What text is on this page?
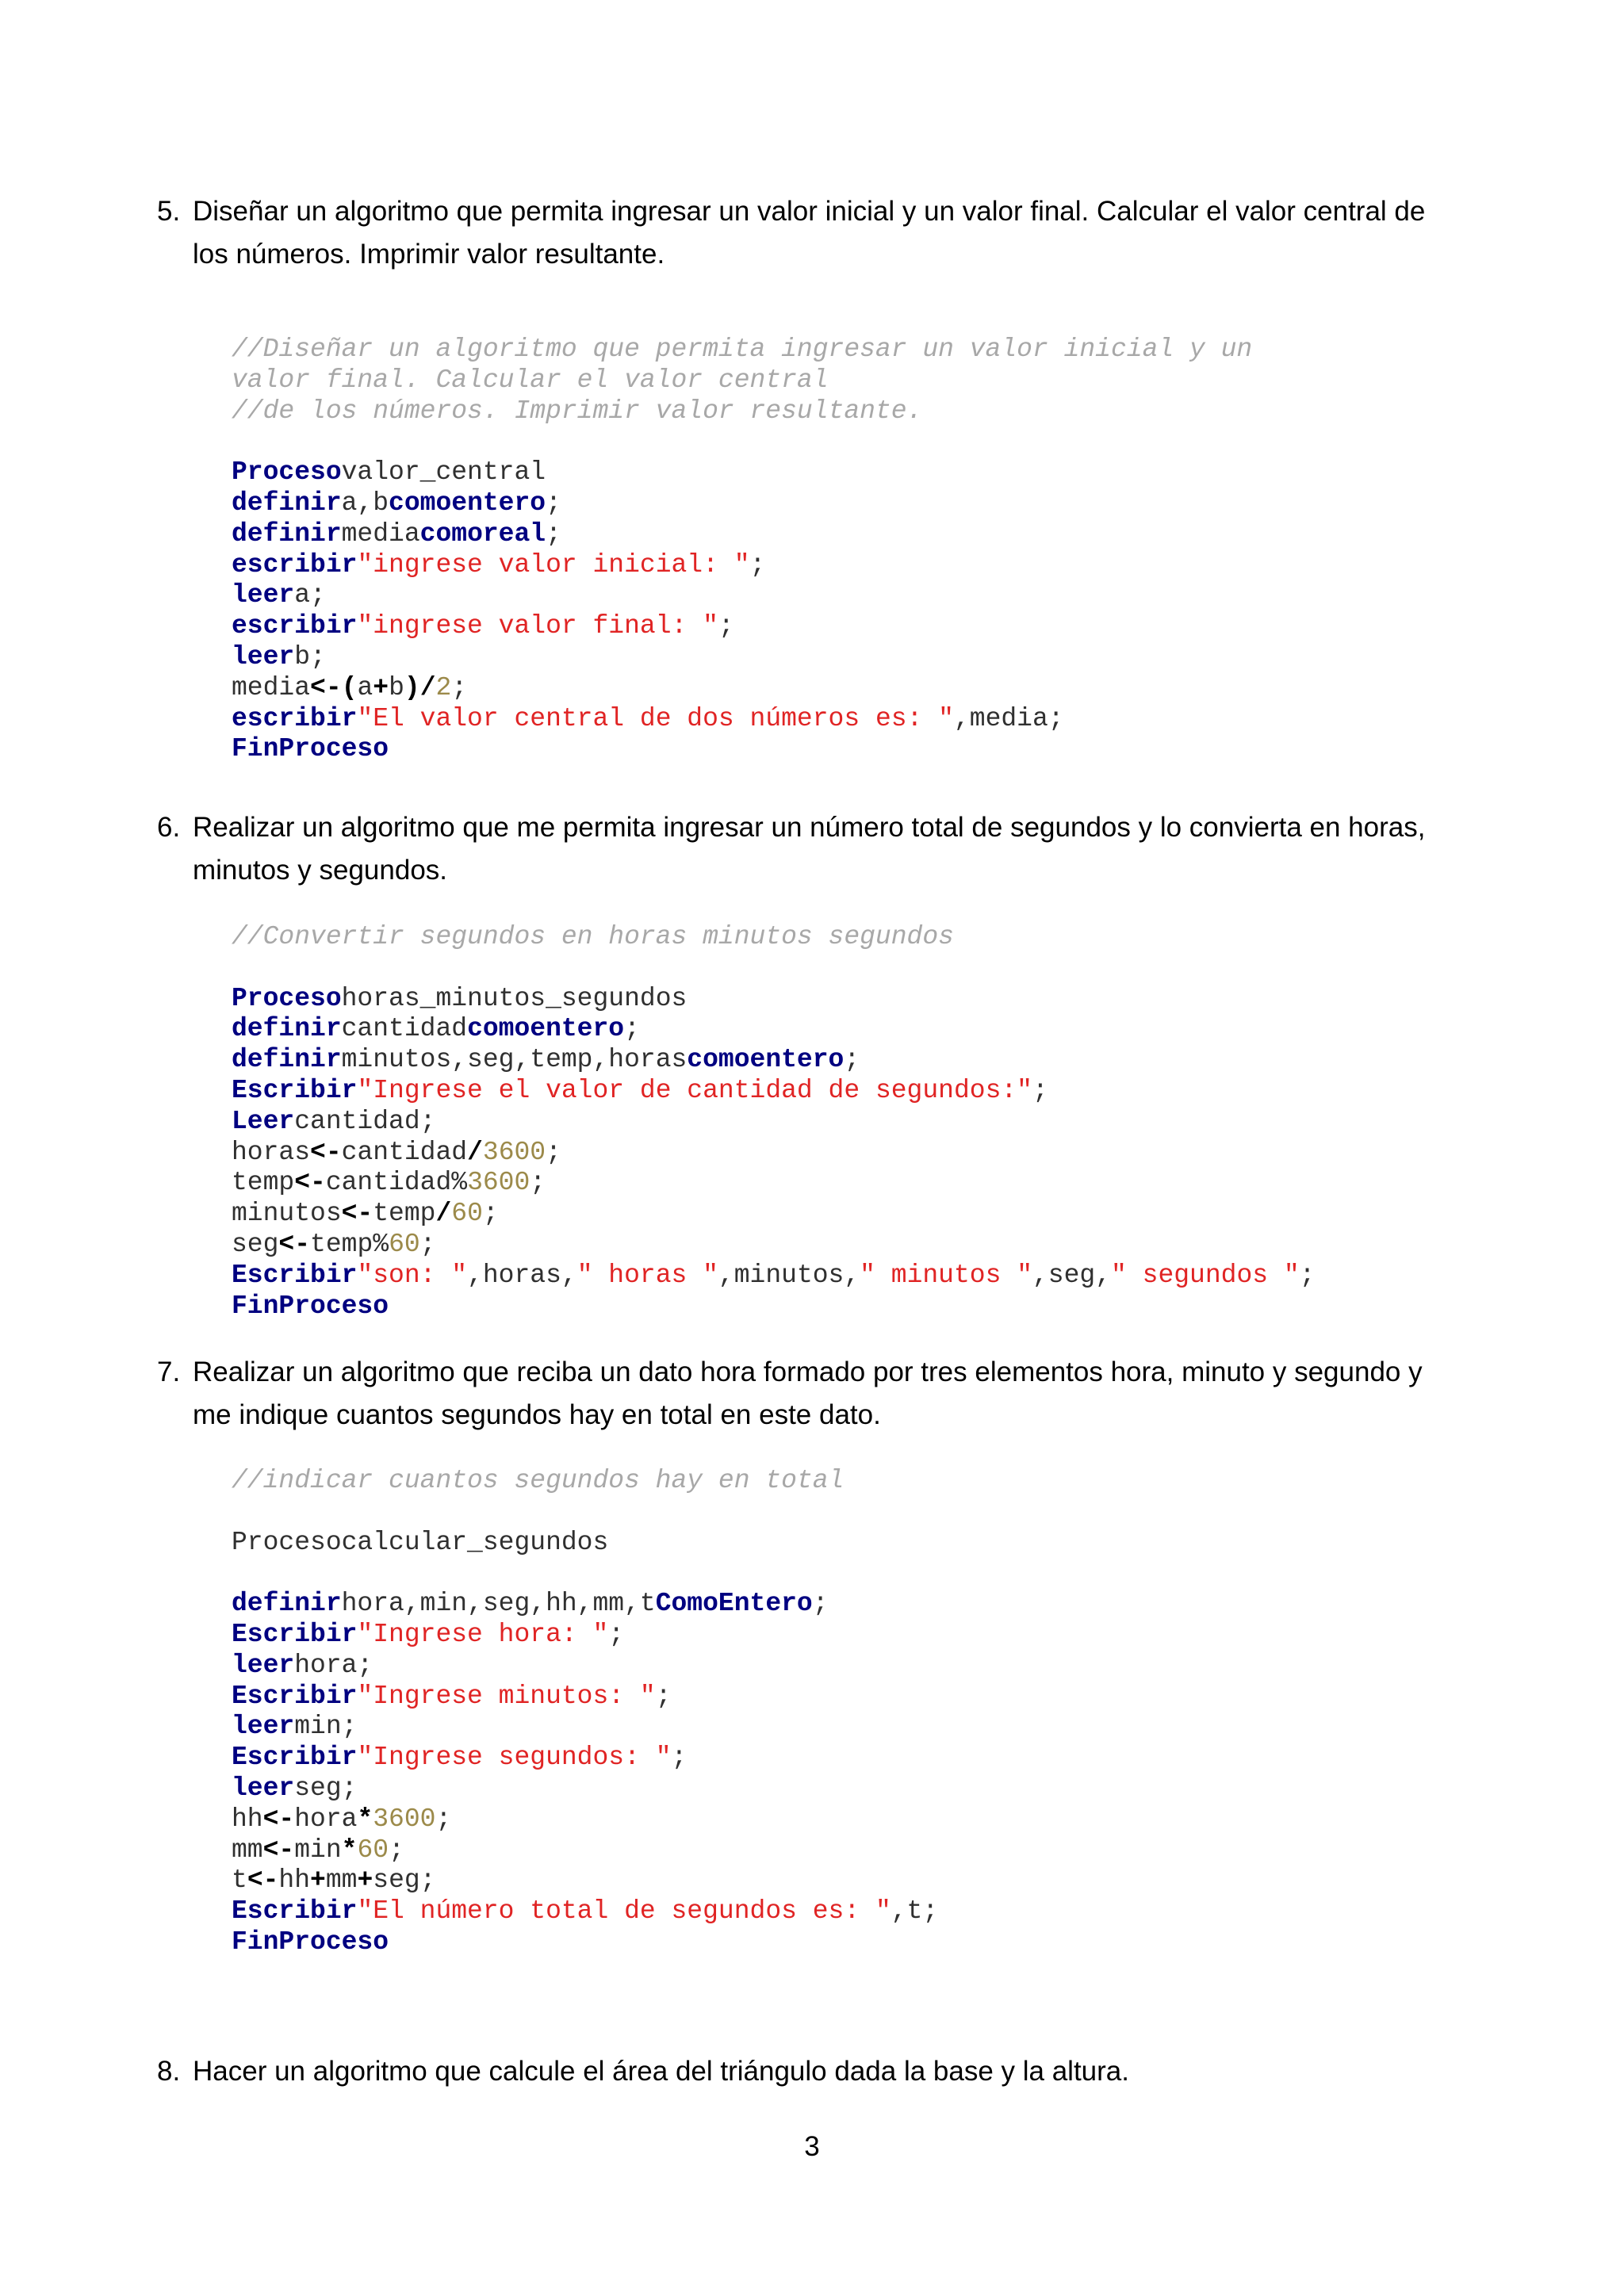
5. Diseñar un algoritmo que permita ingresar un valor inicial y un valor final. Calcular el valor central de los números. Imprimir valor resultante.
//Diseñar un algoritmo que permita ingresar un valor inicial y un
valor final. Calcular el valor central
//de los números. Imprimir valor resultante.
Procesovalor_central
definira,bcomoentero;
definirmediacomoreal;
escribir"ingrese valor inicial: ";
leera;
escribir"ingrese valor final: ";
leerb;
media<-(a+b)/2;
escribir"El valor central de dos números es: ",media;
FinProceso
6. Realizar un algoritmo que me permita ingresar un número total de segundos y lo convierta en horas, minutos y segundos.
//Convertir segundos en horas minutos segundos
Procesohoras_minutos_segundos
definircantidadcomoentero;
definirminutos,seg,temp,horascomoentero;
Escribir"Ingrese el valor de cantidad de segundos:";
Leercantidad;
horas<-cantidad/3600;
temp<-cantidad%3600;
minutos<-temp/60;
seg<-temp%60;
Escribir"son: ",horas," horas ",minutos," minutos ",seg," segundos ";
FinProceso
7. Realizar un algoritmo que reciba un dato hora formado por tres elementos hora, minuto y segundo y me indique cuantos segundos hay en total en este dato.
//indicar cuantos segundos hay en total
Procesocalcular_segundos
definirhora,min,seg,hh,mm,tComoEntero;
Escribir"Ingrese hora: ";
leerhora;
Escribir"Ingrese minutos: ";
leermin;
Escribir"Ingrese segundos: ";
leerseg;
hh<-hora*3600;
mm<-min*60;
t<-hh+mm+seg;
Escribir"El número total de segundos es: ",t;
FinProceso
8. Hacer un algoritmo que calcule el área del triángulo dada la base y la altura.
3
